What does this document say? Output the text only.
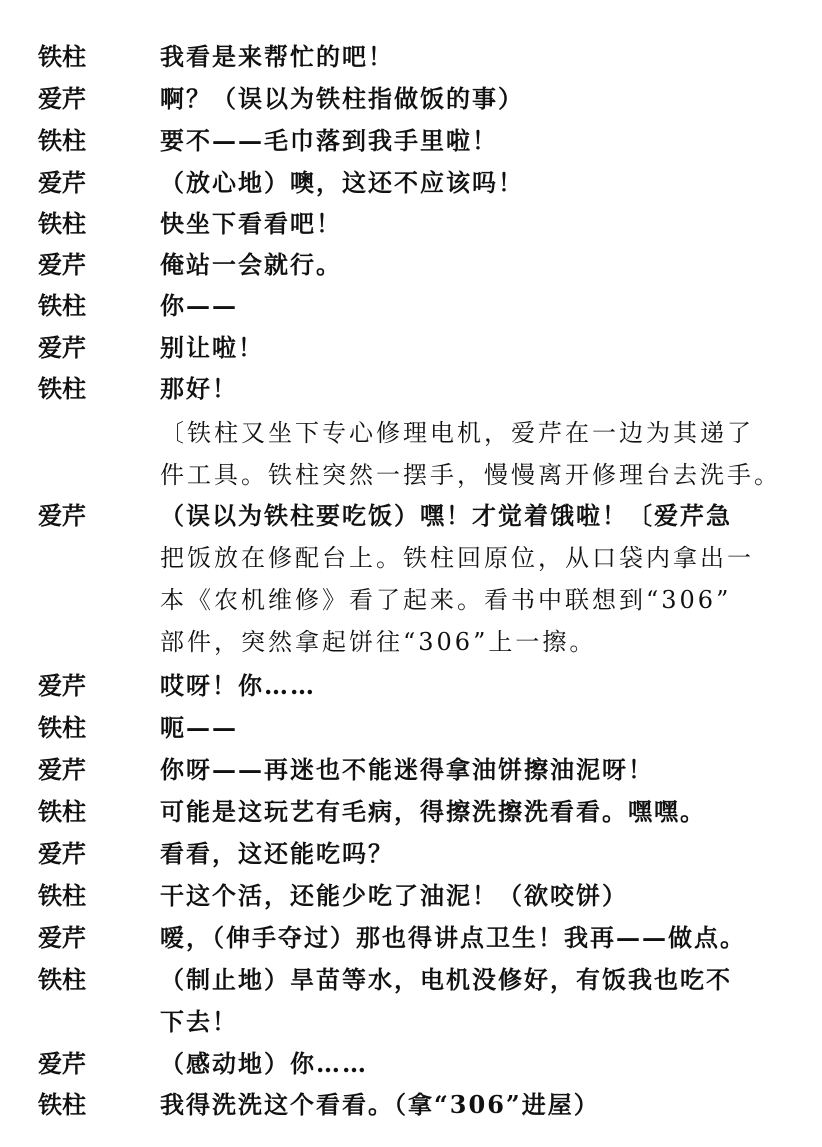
铁柱	我看是来帮忙的吧！
爱芹	啊？（误以为铁柱指做饭的事）
铁柱	要不——毛巾落到我手里啦！
爱芹	（放心地）噢，这还不应该吗！
铁柱	快坐下看看吧！
爱芹	俺站一会就行。
铁柱	你——
爱芹	别让啦！
铁柱	那好！
〔铁柱又坐下专心修理电机，爱芹在一边为其递了
件工具。铁柱突然一摆手，慢慢离开修理台去洗手。
爱芹	（误以为铁柱要吃饭）嘿！才觉着饿啦！〔爱芹急
把饭放在修配台上。铁柱回原位，从口袋内拿出一
本《农机维修》看了起来。看书中联想到“306”
部件，突然拿起饼往“306”上一擦。
爱芹	哎呀！你……
铁柱	呃——
爱芹	你呀——再迷也不能迷得拿油饼擦油泥呀！
铁柱	可能是这玩艺有毛病，得擦洗擦洗看看。嘿嘿。
爱芹	看看，这还能吃吗？
铁柱	干这个活，还能少吃了油泥！（欲咬饼）
爱芹	嗳，（伸手夺过）那也得讲点卫生！我再——做点。
铁柱	（制止地）旱苗等水，电机没修好，有饭我也吃不
下去！
爱芹	（感动地）你……
铁柱	我得洗洗这个看看。（拿“306”进屋）
